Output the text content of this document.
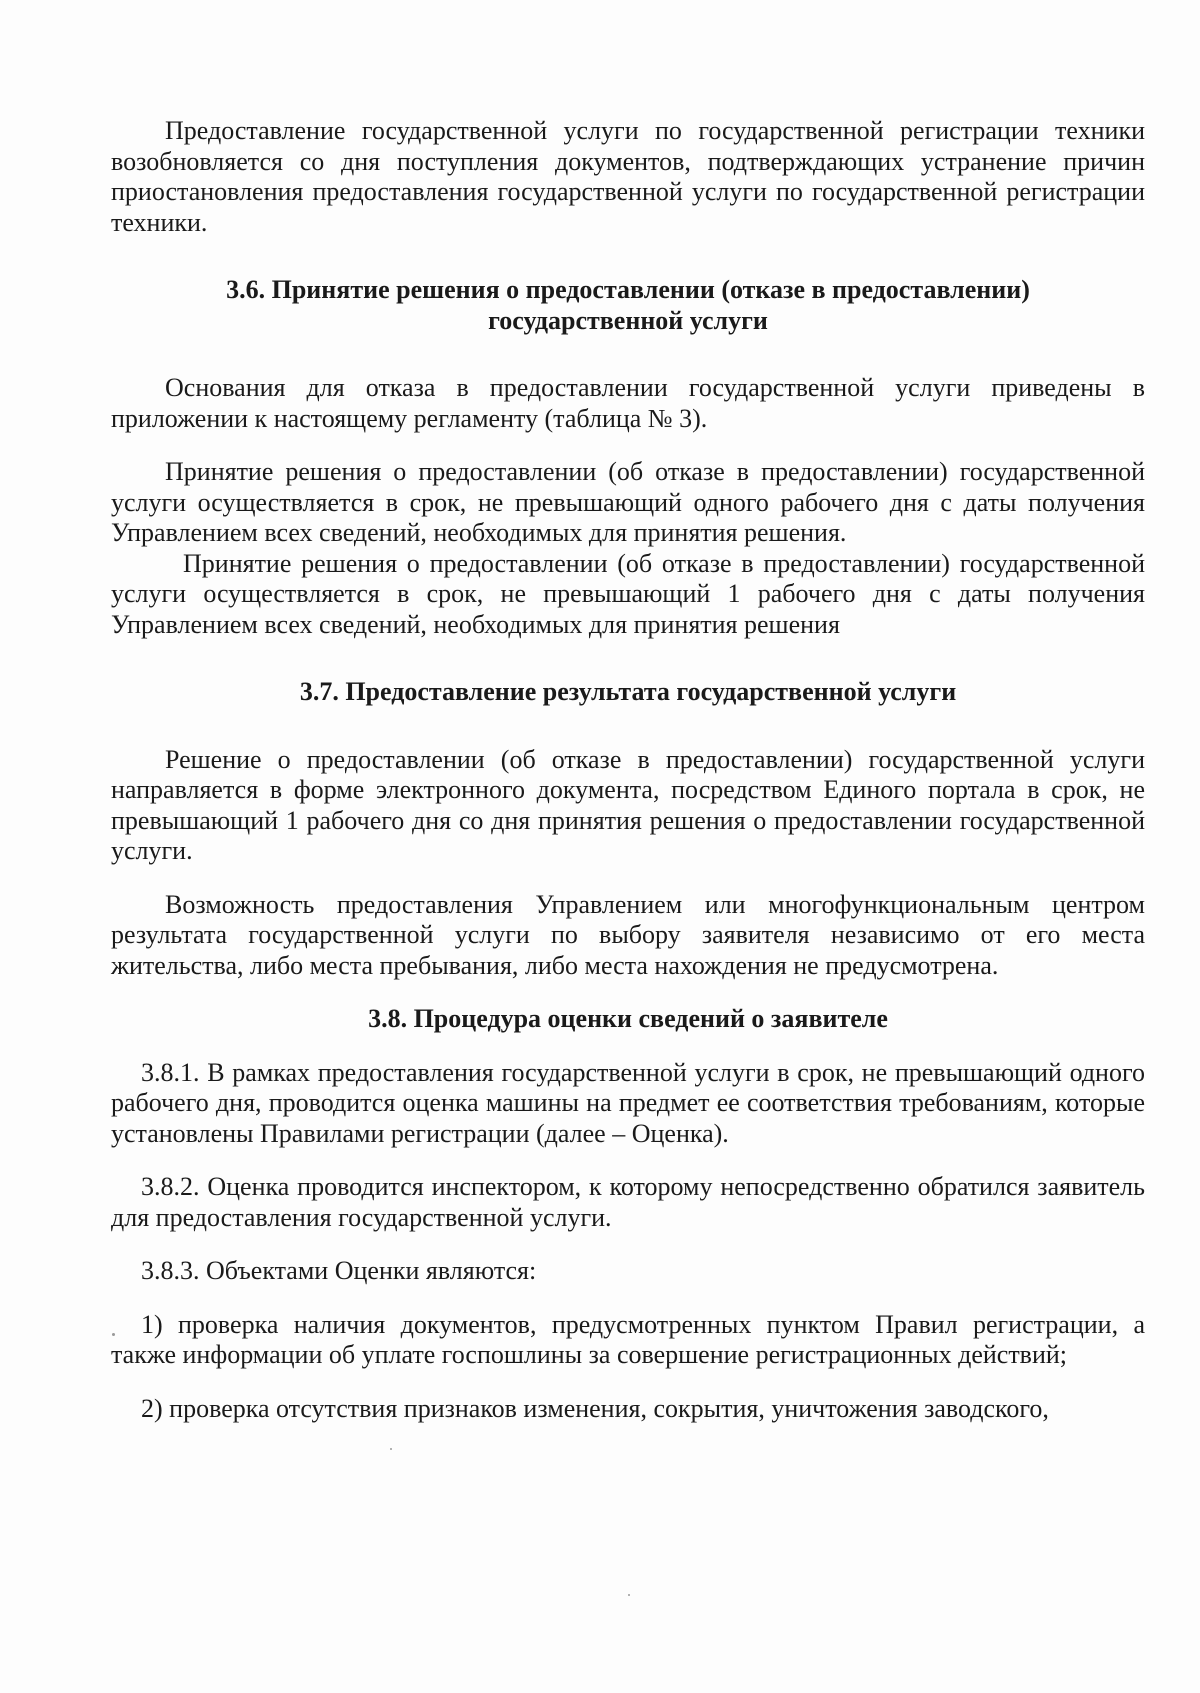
Предоставление государственной услуги по государственной регистрации техники возобновляется со дня поступления документов, подтверждающих устранение причин приостановления предоставления государственной услуги по государственной регистрации техники.

3.6. Принятие решения о предоставлении (отказе в предоставлении)

государственной услуги

Основания для отказа в предоставлении государственной услуги приведены в приложении к настоящему регламенту (таблица № 3).

Принятие решения о предоставлении (об отказе в предоставлении) государственной услуги осуществляется в срок, не превышающий одного рабочего дня с даты получения Управлением всех сведений, необходимых для принятия решения.

Принятие решения о предоставлении (об отказе в предоставлении) государственной услуги осуществляется в срок, не превышающий 1 рабочего дня с даты получения Управлением всех сведений, необходимых для принятия решения

3.7. Предоставление результата государственной услуги

Решение о предоставлении (об отказе в предоставлении) государственной услуги направляется в форме электронного документа, посредством Единого портала в срок, не превышающий 1 рабочего дня со дня принятия решения о предоставлении государственной услуги.

Возможность предоставления Управлением или многофункциональным центром результата государственной услуги по выбору заявителя независимо от его места жительства, либо места пребывания, либо места нахождения не предусмотрена.

3.8. Процедура оценки сведений о заявителе

3.8.1. В рамках предоставления государственной услуги в срок, не превышающий одного рабочего дня, проводится оценка машины на предмет ее соответствия требованиям, которые установлены Правилами регистрации (далее – Оценка).

3.8.2. Оценка проводится инспектором, к которому непосредственно обратился заявитель для предоставления государственной услуги.

3.8.3. Объектами Оценки являются:

1) проверка наличия документов, предусмотренных пунктом Правил регистрации, а также информации об уплате госпошлины за совершение регистрационных действий;

2) проверка отсутствия признаков изменения, сокрытия, уничтожения заводского,
